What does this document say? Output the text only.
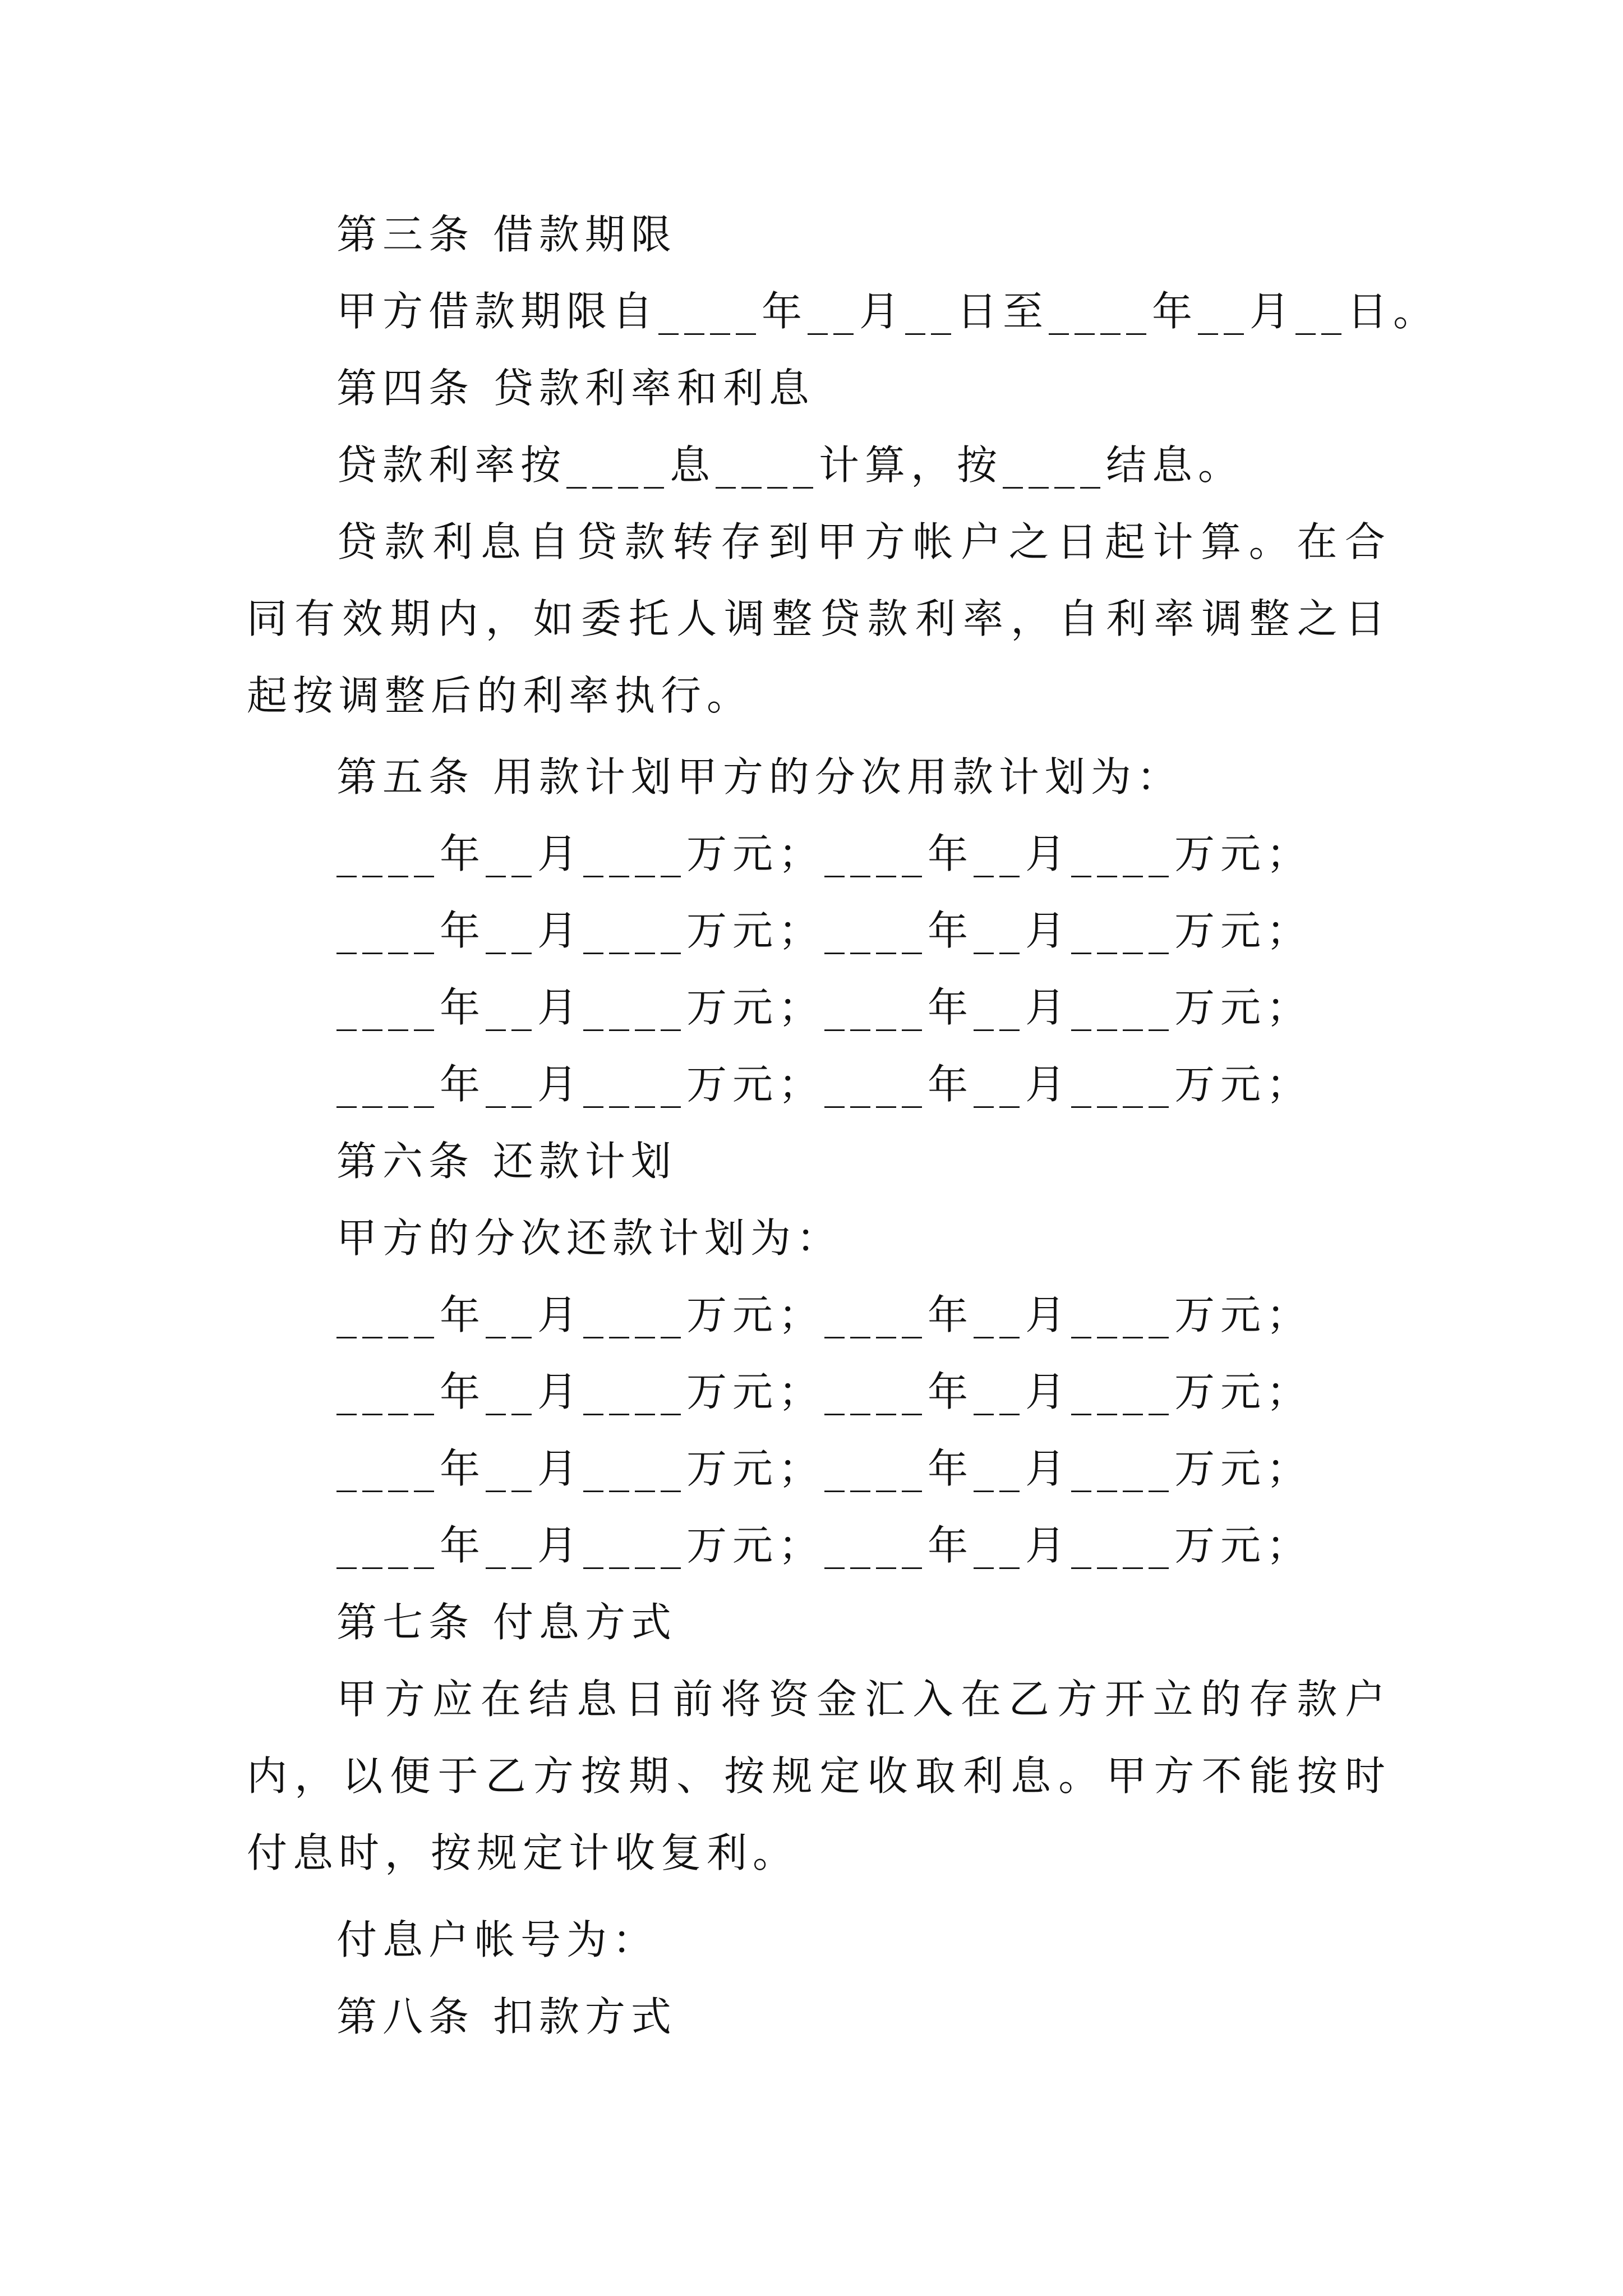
第三条 借款期限
甲方借款期限自____年__月__日至____年__月__日。
第四条 贷款利率和利息
贷款利率按____息____计算，按____结息。
贷款利息自贷款转存到甲方帐户之日起计算。在合同有效期内，如委托人调整贷款利率，自利率调整之日起按调整后的利率执行。
第五条 用款计划甲方的分次用款计划为：
____年__月____万元；____年__月____万元；
____年__月____万元；____年__月____万元；
____年__月____万元；____年__月____万元；
____年__月____万元；____年__月____万元；
第六条 还款计划
甲方的分次还款计划为：
____年__月____万元；____年__月____万元；
____年__月____万元；____年__月____万元；
____年__月____万元；____年__月____万元；
____年__月____万元；____年__月____万元；
第七条 付息方式
甲方应在结息日前将资金汇入在乙方开立的存款户内，以便于乙方按期、按规定收取利息。甲方不能按时付息时，按规定计收复利。
付息户帐号为：
第八条 扣款方式
